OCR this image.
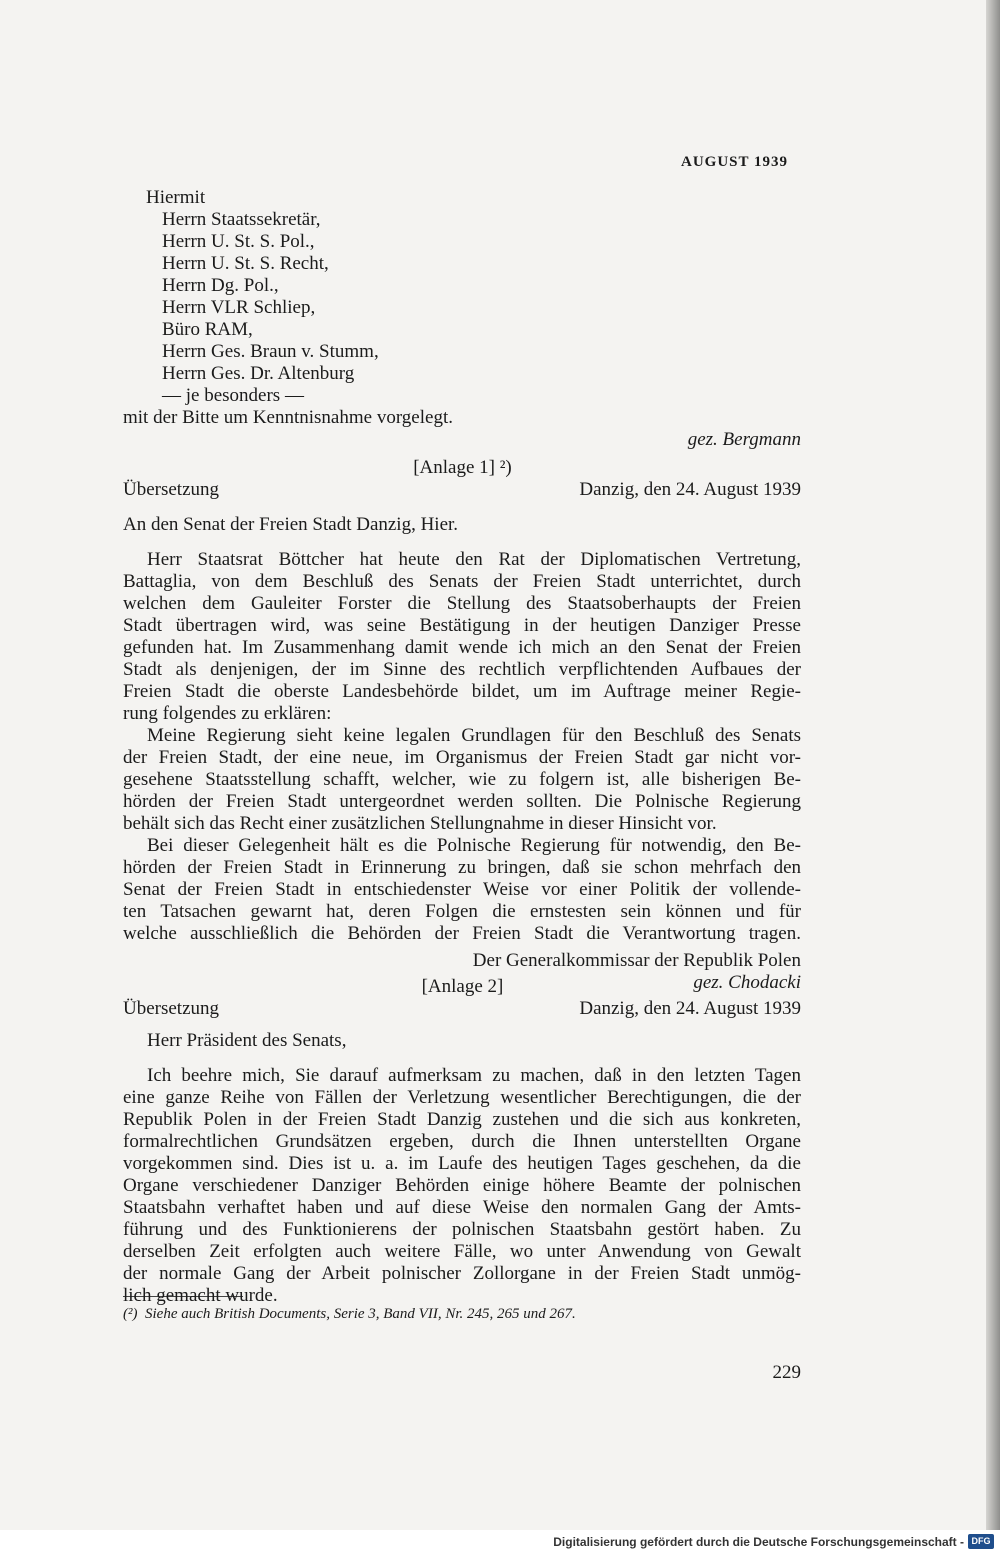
AUGUST 1939
Hiermit
Herrn Staatssekretär,
Herrn U. St. S. Pol.,
Herrn U. St. S. Recht,
Herrn Dg. Pol.,
Herrn VLR Schliep,
Büro RAM,
Herrn Ges. Braun v. Stumm,
Herrn Ges. Dr. Altenburg
— je besonders —
mit der Bitte um Kenntnisnahme vorgelegt.
gez. Bergmann
[Anlage 1] ²)
Übersetzung	Danzig, den 24. August 1939
An den Senat der Freien Stadt Danzig, Hier.
Herr Staatsrat Böttcher hat heute den Rat der Diplomatischen Vertretung,
Battaglia, von dem Beschluß des Senats der Freien Stadt unterrichtet, durch
welchen dem Gauleiter Forster die Stellung des Staatsoberhaupts der Freien
Stadt übertragen wird, was seine Bestätigung in der heutigen Danziger Presse
gefunden hat. Im Zusammenhang damit wende ich mich an den Senat der Freien
Stadt als denjenigen, der im Sinne des rechtlich verpflichtenden Aufbaues der
Freien Stadt die oberste Landesbehörde bildet, um im Auftrage meiner Regie-
rung folgendes zu erklären:
Meine Regierung sieht keine legalen Grundlagen für den Beschluß des Senats
der Freien Stadt, der eine neue, im Organismus der Freien Stadt gar nicht vor-
gesehene Staatsstellung schafft, welcher, wie zu folgern ist, alle bisherigen Be-
hörden der Freien Stadt untergeordnet werden sollten. Die Polnische Regierung
behält sich das Recht einer zusätzlichen Stellungnahme in dieser Hinsicht vor.
Bei dieser Gelegenheit hält es die Polnische Regierung für notwendig, den Be-
hörden der Freien Stadt in Erinnerung zu bringen, daß sie schon mehrfach den
Senat der Freien Stadt in entschiedenster Weise vor einer Politik der vollende-
ten Tatsachen gewarnt hat, deren Folgen die ernstesten sein können und für
welche ausschließlich die Behörden der Freien Stadt die Verantwortung tragen.
Der Generalkommissar der Republik Polen
gez. Chodacki
[Anlage 2]
Übersetzung	Danzig, den 24. August 1939
Herr Präsident des Senats,
Ich beehre mich, Sie darauf aufmerksam zu machen, daß in den letzten Tagen
eine ganze Reihe von Fällen der Verletzung wesentlicher Berechtigungen, die der
Republik Polen in der Freien Stadt Danzig zustehen und die sich aus konkreten,
formalrechtlichen Grundsätzen ergeben, durch die Ihnen unterstellten Organe
vorgekommen sind. Dies ist u. a. im Laufe des heutigen Tages geschehen, da die
Organe verschiedener Danziger Behörden einige höhere Beamte der polnischen
Staatsbahn verhaftet haben und auf diese Weise den normalen Gang der Amts-
führung und des Funktionierens der polnischen Staatsbahn gestört haben. Zu
derselben Zeit erfolgten auch weitere Fälle, wo unter Anwendung von Gewalt
der normale Gang der Arbeit polnischer Zollorgane in der Freien Stadt unmög-
(²)  Siehe auch British Documents, Serie 3, Band VII, Nr. 245, 265 und 267.
229
Digitalisierung gefördert durch die Deutsche Forschungsgemeinschaft - DFG
lich gemacht wurde.
